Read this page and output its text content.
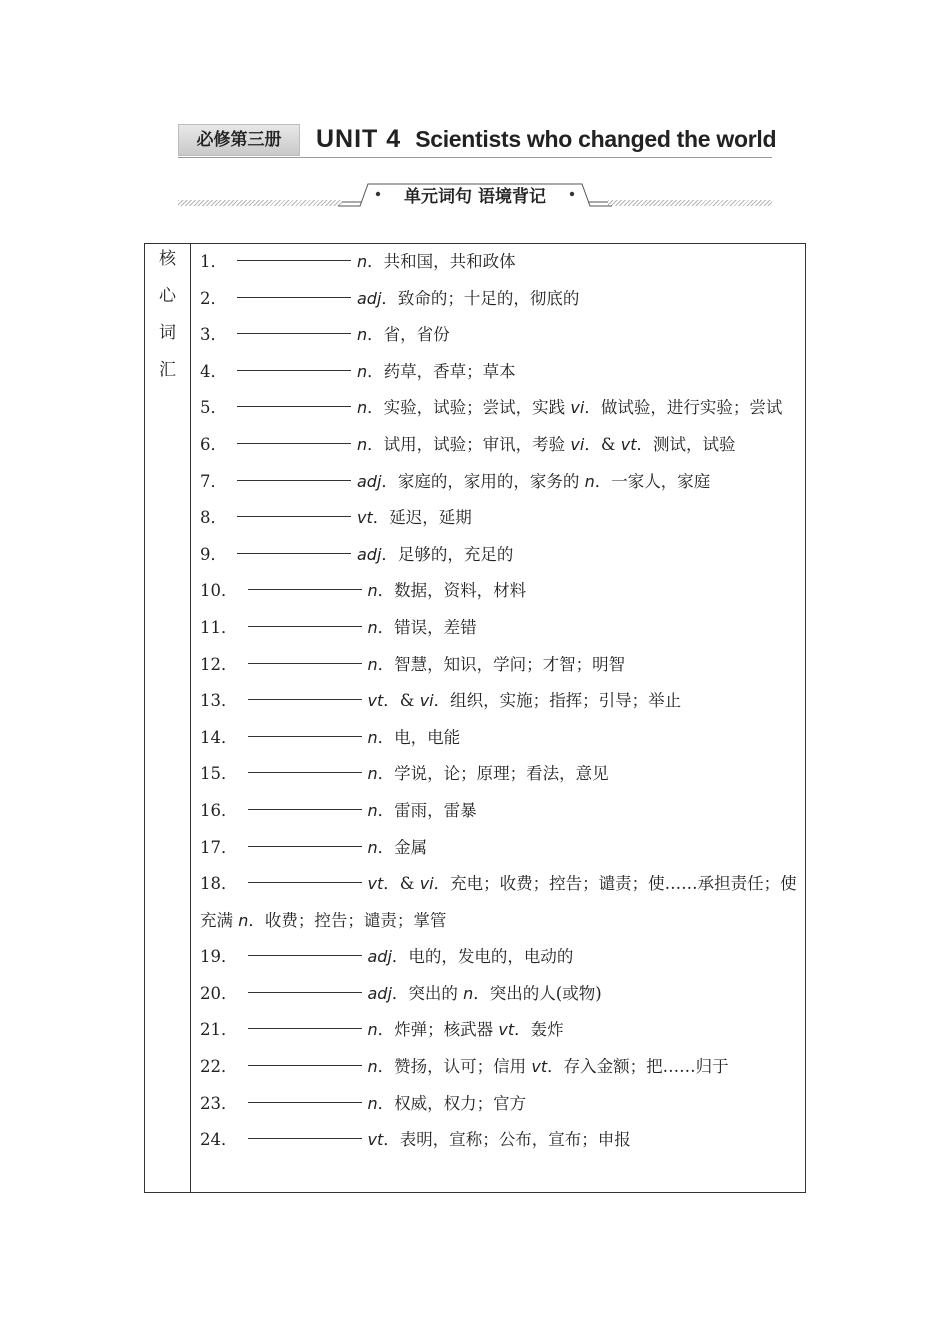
必修第三册	UNIT 4 Scientists who changed the world
单元词句 语境背记
核
心
词
汇
1．	n．共和国，共和政体
2．	adj．致命的；十足的，彻底的
3．	n．省，省份
4．	n．药草，香草；草本
5．	n．实验，试验；尝试，实践 vi．做试验，进行实验；尝试
6．	n．试用，试验；审讯，考验 vi．& vt．测试，试验
7．	adj．家庭的，家用的，家务的 n．一家人，家庭
8．	vt．延迟，延期
9．	adj．足够的，充足的
10．	n．数据，资料，材料
11．	n．错误，差错
12．	n．智慧，知识，学问；才智；明智
13．	vt．& vi．组织，实施；指挥；引导；举止
14．	n．电，电能
15．	n．学说，论；原理；看法，意见
16．	n．雷雨，雷暴
17．	n．金属
18．	vt．& vi．充电；收费；控告；谴责；使……承担责任；使充满 n．收费；控告；谴责；掌管
19．	adj．电的，发电的，电动的
20．	adj．突出的 n．突出的人(或物)
21．	n．炸弹；核武器 vt．轰炸
22．	n．赞扬，认可；信用 vt．存入金额；把……归于
23．	n．权威，权力；官方
24．	vt．表明，宣称；公布，宣布；申报
